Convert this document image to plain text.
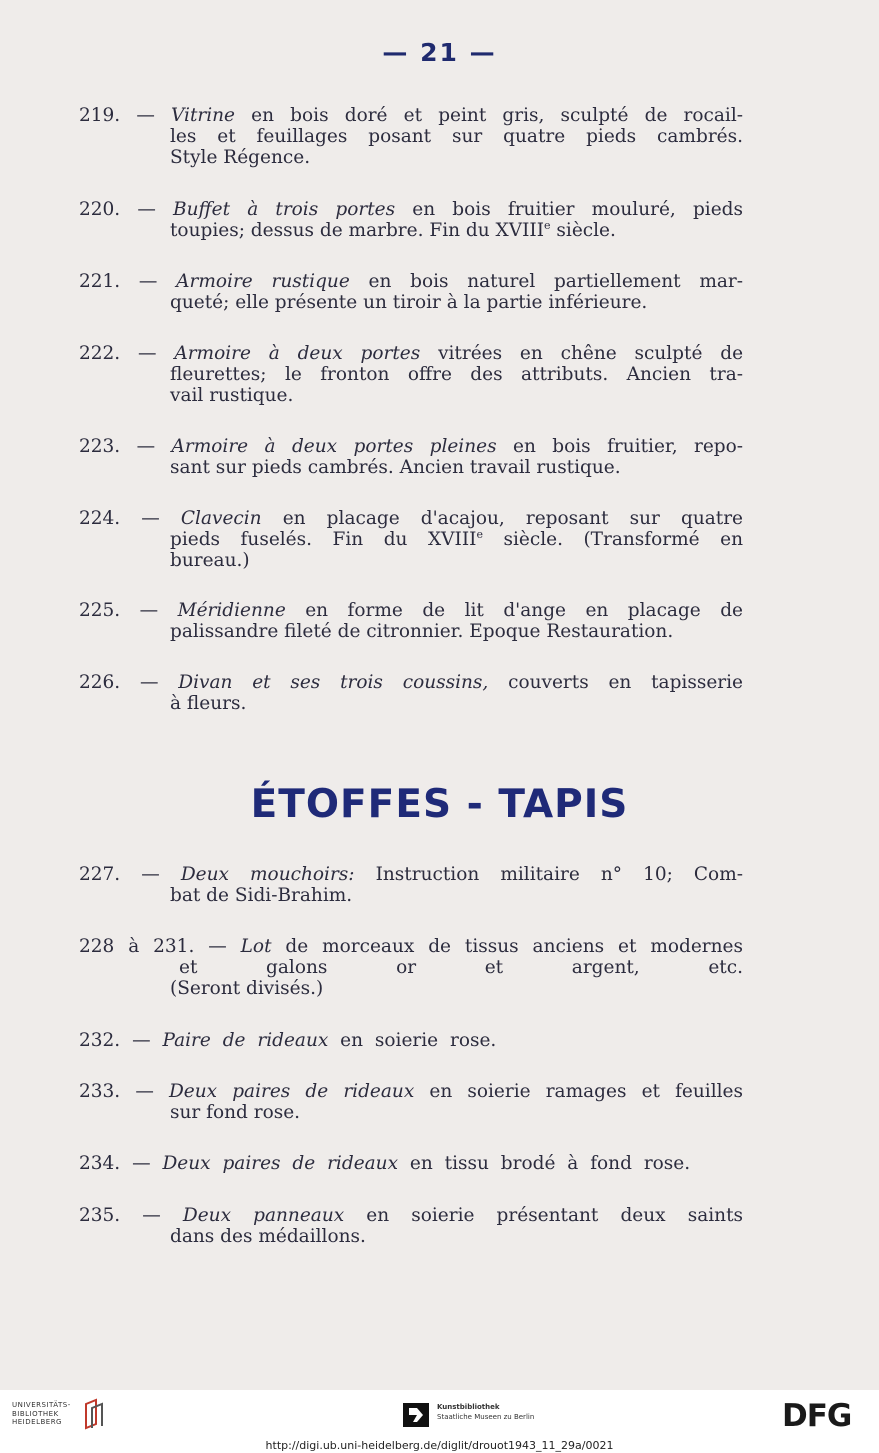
— 21 —
219. — Vitrine en bois doré et peint gris, sculpté de rocail-
les et feuillages posant sur quatre pieds cambrés.
Style Régence.
220. — Buffet à trois portes en bois fruitier mouluré, pieds
toupies; dessus de marbre. Fin du XVIIIe siècle.
221. — Armoire rustique en bois naturel partiellement mar-
queté; elle présente un tiroir à la partie inférieure.
222. — Armoire à deux portes vitrées en chêne sculpté de
fleurettes; le fronton offre des attributs. Ancien tra-
vail rustique.
223. — Armoire à deux portes pleines en bois fruitier, repo-
sant sur pieds cambrés. Ancien travail rustique.
224. — Clavecin en placage d'acajou, reposant sur quatre
pieds fuselés. Fin du XVIIIe siècle. (Transformé en
bureau.)
225. — Méridienne en forme de lit d'ange en placage de
palissandre fileté de citronnier. Epoque Restauration.
226. — Divan et ses trois coussins, couverts en tapisserie
à fleurs.
ÉTOFFES - TAPIS
227. — Deux mouchoirs: Instruction militaire n° 10; Com-
bat de Sidi-Brahim.
228 à 231. — Lot de morceaux de tissus anciens et modernes
et galons or et argent, etc.
(Seront divisés.)
232. — Paire de rideaux en soierie rose.
233. — Deux paires de rideaux en soierie ramages et feuilles
sur fond rose.
234. — Deux paires de rideaux en tissu brodé à fond rose.
235. — Deux panneaux en soierie présentant deux saints
dans des médaillons.
UNIVERSITÄTS-
BIBLIOTHEK
HEIDELBERG
Kunstbibliothek
Staatliche Museen zu Berlin	DFG
http://digi.ub.uni-heidelberg.de/diglit/drouot1943_11_29a/0021
